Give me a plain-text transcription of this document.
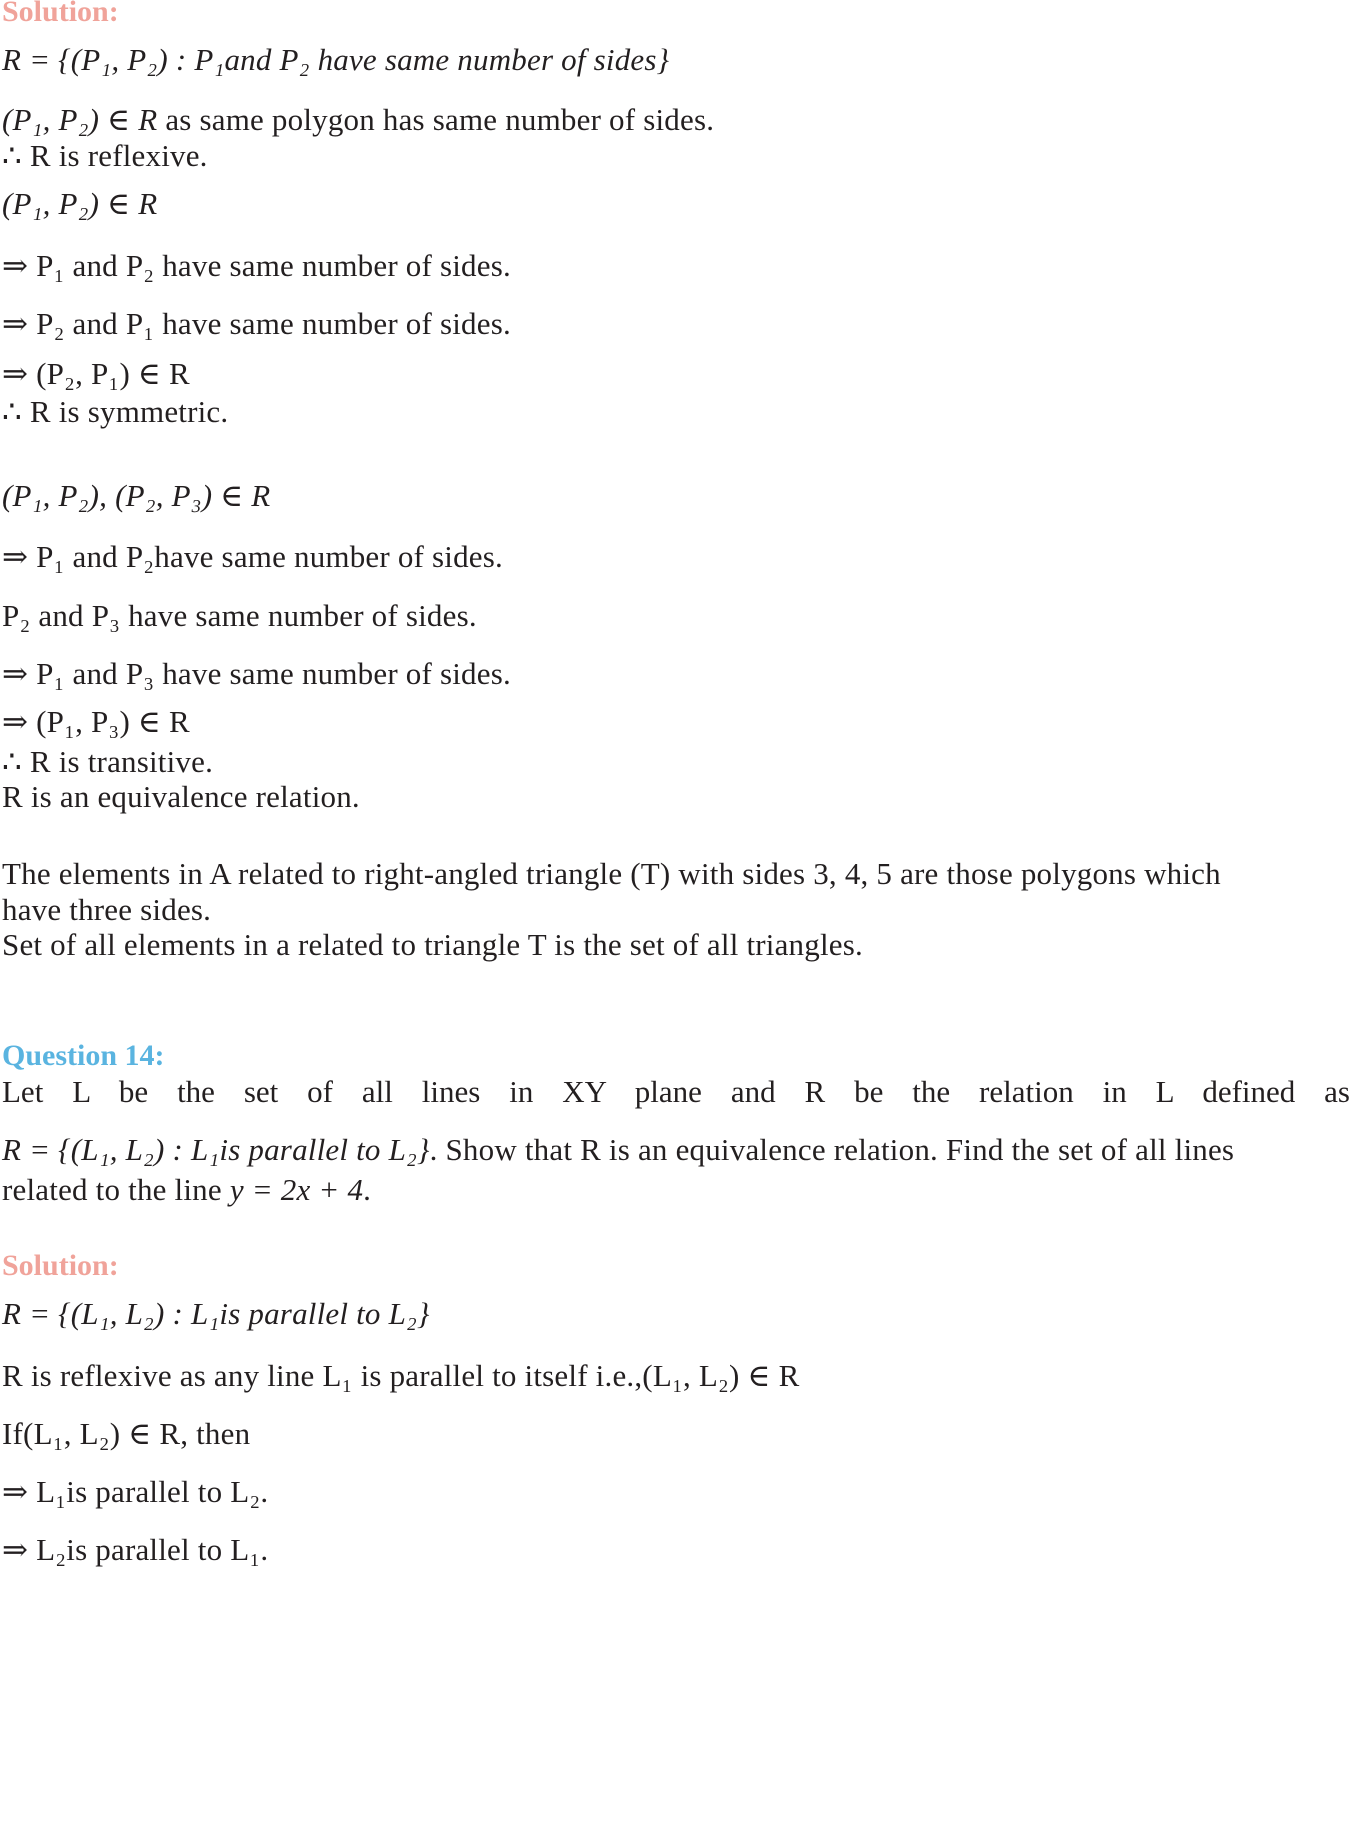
Solution:
R = {(P₁, P₂) : P₁and P₂ have same number of sides}
(P₁, P₂) ∈ R as same polygon has same number of sides.
∴ R is reflexive.
(P₁, P₂) ∈ R
⇒ P₁ and P₂ have same number of sides.
⇒ P₂ and P₁ have same number of sides.
⇒ (P₂, P₁) ∈ R
∴ R is symmetric.
(P₁, P₂), (P₂, P₃) ∈ R
⇒ P₁ and P₂have same number of sides.
P₂ and P₃ have same number of sides.
⇒ P₁ and P₃ have same number of sides.
⇒ (P₁, P₃) ∈ R
∴ R is transitive.
R is an equivalence relation.
The elements in A related to right-angled triangle (T) with sides 3, 4, 5 are those polygons which
have three sides.
Set of all elements in a related to triangle T is the set of all triangles.
Question 14:
Let L be the set of all lines in XY plane and R be the relation in L defined as
R = {(L₁, L₂) : L₁is parallel to L₂}. Show that R is an equivalence relation. Find the set of all lines
related to the line y = 2x + 4.
Solution:
R = {(L₁, L₂) : L₁is parallel to L₂}
R is reflexive as any line L₁ is parallel to itself i.e.,(L₁, L₂) ∈ R
If(L₁, L₂) ∈ R, then
⇒ L₁is parallel to L₂.
⇒ L₂is parallel to L₁.
